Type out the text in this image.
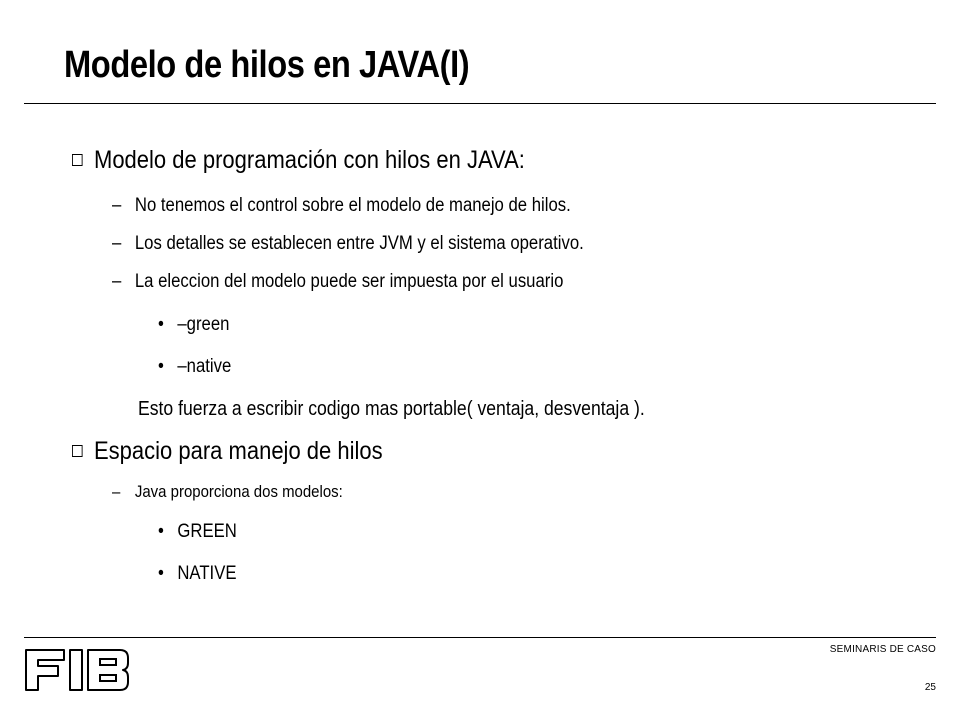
Modelo de hilos en JAVA(I)
Modelo de programación con hilos en JAVA:
– No tenemos el control sobre el modelo de manejo de hilos.
– Los detalles se establecen entre JVM y el sistema operativo.
– La eleccion del modelo puede ser impuesta por el usuario
• –green
• –native
Esto fuerza a escribir codigo mas portable( ventaja, desventaja ).
Espacio para manejo de hilos
– Java proporciona dos modelos:
• GREEN
• NATIVE
SEMINARIS DE CASO
25
